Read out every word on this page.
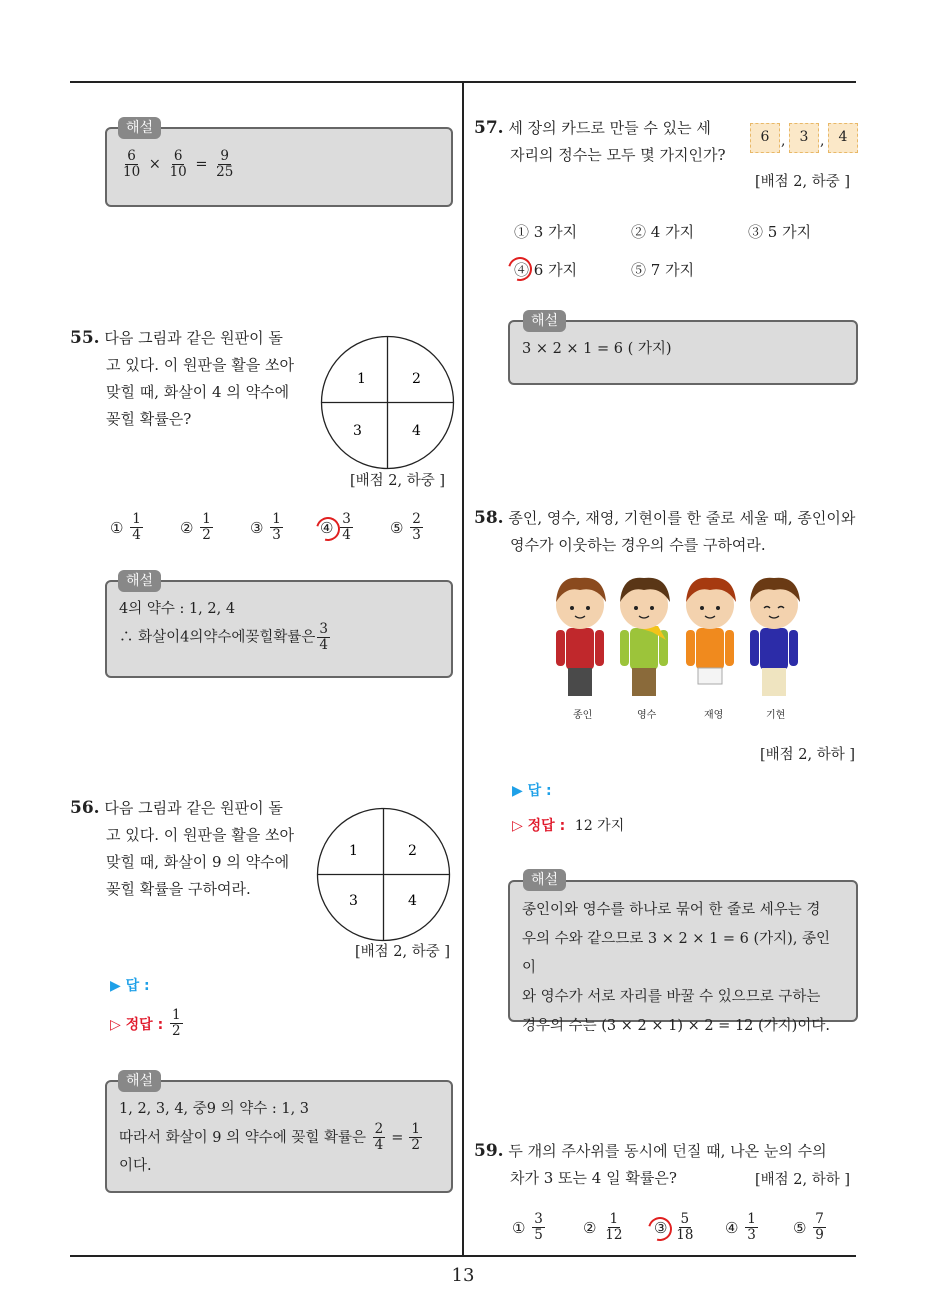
13
$\frac{6}{10} \times \frac{6}{10} = \frac{9}{25}$
해설
55. 다음 그림과 같은 원판이 돌
고 있다. 이 원판을 활을 쏘아
맞힐 때, 화살이 4 의 약수에
꽂힐 확률은?
1	2
3	4
[배점 2, 하중 ]
①
$\frac{1}{4}$ ②
$\frac{1}{2}$ ③
$\frac{1}{3}$ ④
$\frac{3}{4}$ ⑤
$\frac{2}{3}$
4의 약수 : 1, 2, 4
∴ 화살이4의약수에꽂힐확률은 $\frac{3}{4}$
해설
56. 다음 그림과 같은 원판이 돌
고 있다. 이 원판을 활을 쏘아
맞힐 때, 화살이 9 의 약수에
꽂힐 확률을 구하여라.
1	2
3	4
[배점 2, 하중 ]
▶ 답 :
▷ 정답 :
$\frac{1}{2}$
1, 2, 3, 4, 중9 의 약수 : 1, 3
따라서 화살이 9 의 약수에 꽂힐 확률은
$\frac{2}{4} = \frac{1}{2}$
이다.
해설
57. 세 장의 카드로 만들 수 있는 세
자리의 정수는 모두 몇 가지인가?
6 ,	3 ,	4
[배점 2, 하중 ]
① 3 가지	② 4 가지	③ 5 가지
④ 6 가지	⑤ 7 가지
3 × 2 × 1 = 6 ( 가지)
해설
58. 종인, 영수, 재영, 기현이를 한 줄로 세울 때, 종인이와
영수가 이웃하는 경우의 수를 구하여라.
종인	영수	재영	기현
[배점 2, 하하 ]
▶ 답 :
▷ 정답 : 12 가지
종인이와 영수를 하나로 묶어 한 줄로 세우는 경
우의 수와 같으므로 3 × 2 × 1 = 6 (가지), 종인이
와 영수가 서로 자리를 바꿀 수 있으므로 구하는
경우의 수는 (3 × 2 × 1) × 2 = 12 (가지)이다.
해설
59. 두 개의 주사위를 동시에 던질 때, 나온 눈의 수의
차가 3 또는 4 일 확률은?	[배점 2, 하하 ]
①
$\frac{3}{5}$	②
$\frac{1}{12}$ ③
$\frac{5}{18}$ ④
$\frac{1}{3}$ ⑤
$\frac{7}{9}$
